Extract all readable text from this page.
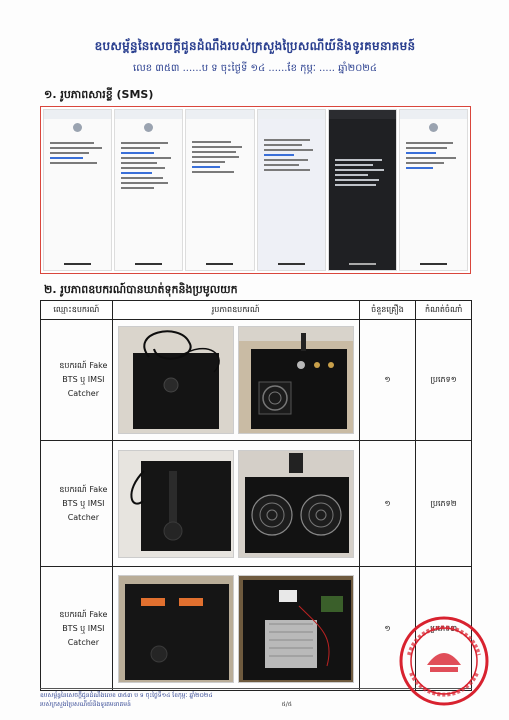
ឧបសម្ព័ន្ធនៃសេចក្តីជូនដំណឹងរបស់ក្រសួងប្រៃសណីយ៍និងទូរគមនាគមន៍
លេខ ៣៥៣ ......ប ទ ចុះថ្ងៃទី ១៤ ......ខែ កុម្ភៈ ..... ឆ្នាំ២០២៤
១. រូបភាពសារខ្លី (SMS)
២. រូបភាពឧបករណ៍បានឃាត់ទុកនិងប្រមូលយក
ឈ្មោះឧបករណ៍	រូបភាពឧបករណ៍	ចំនួនគ្រឿង	កំណត់ចំណាំ

ឧបករណ៍ Fake
BTS ឬ IMSI
Catcher		១	ប្រភេទ១

ឧបករណ៍ Fake
BTS ឬ IMSI
Catcher		១	ប្រភេទ២

ឧបករណ៍ Fake
BTS ឬ IMSI
Catcher		១	ប្រភេទ៣
ឧបសម្ព័ន្ធនៃសេចក្តីជូនដំណឹងលេខ ៣៥៣ ប ទ ចុះថ្ងៃទី១៤ ខែកុម្ភៈ ឆ្នាំ២០២៤
របស់ក្រសួងប្រៃសណីយ៍និងទូរគមនាគមន៍	៥/៥
